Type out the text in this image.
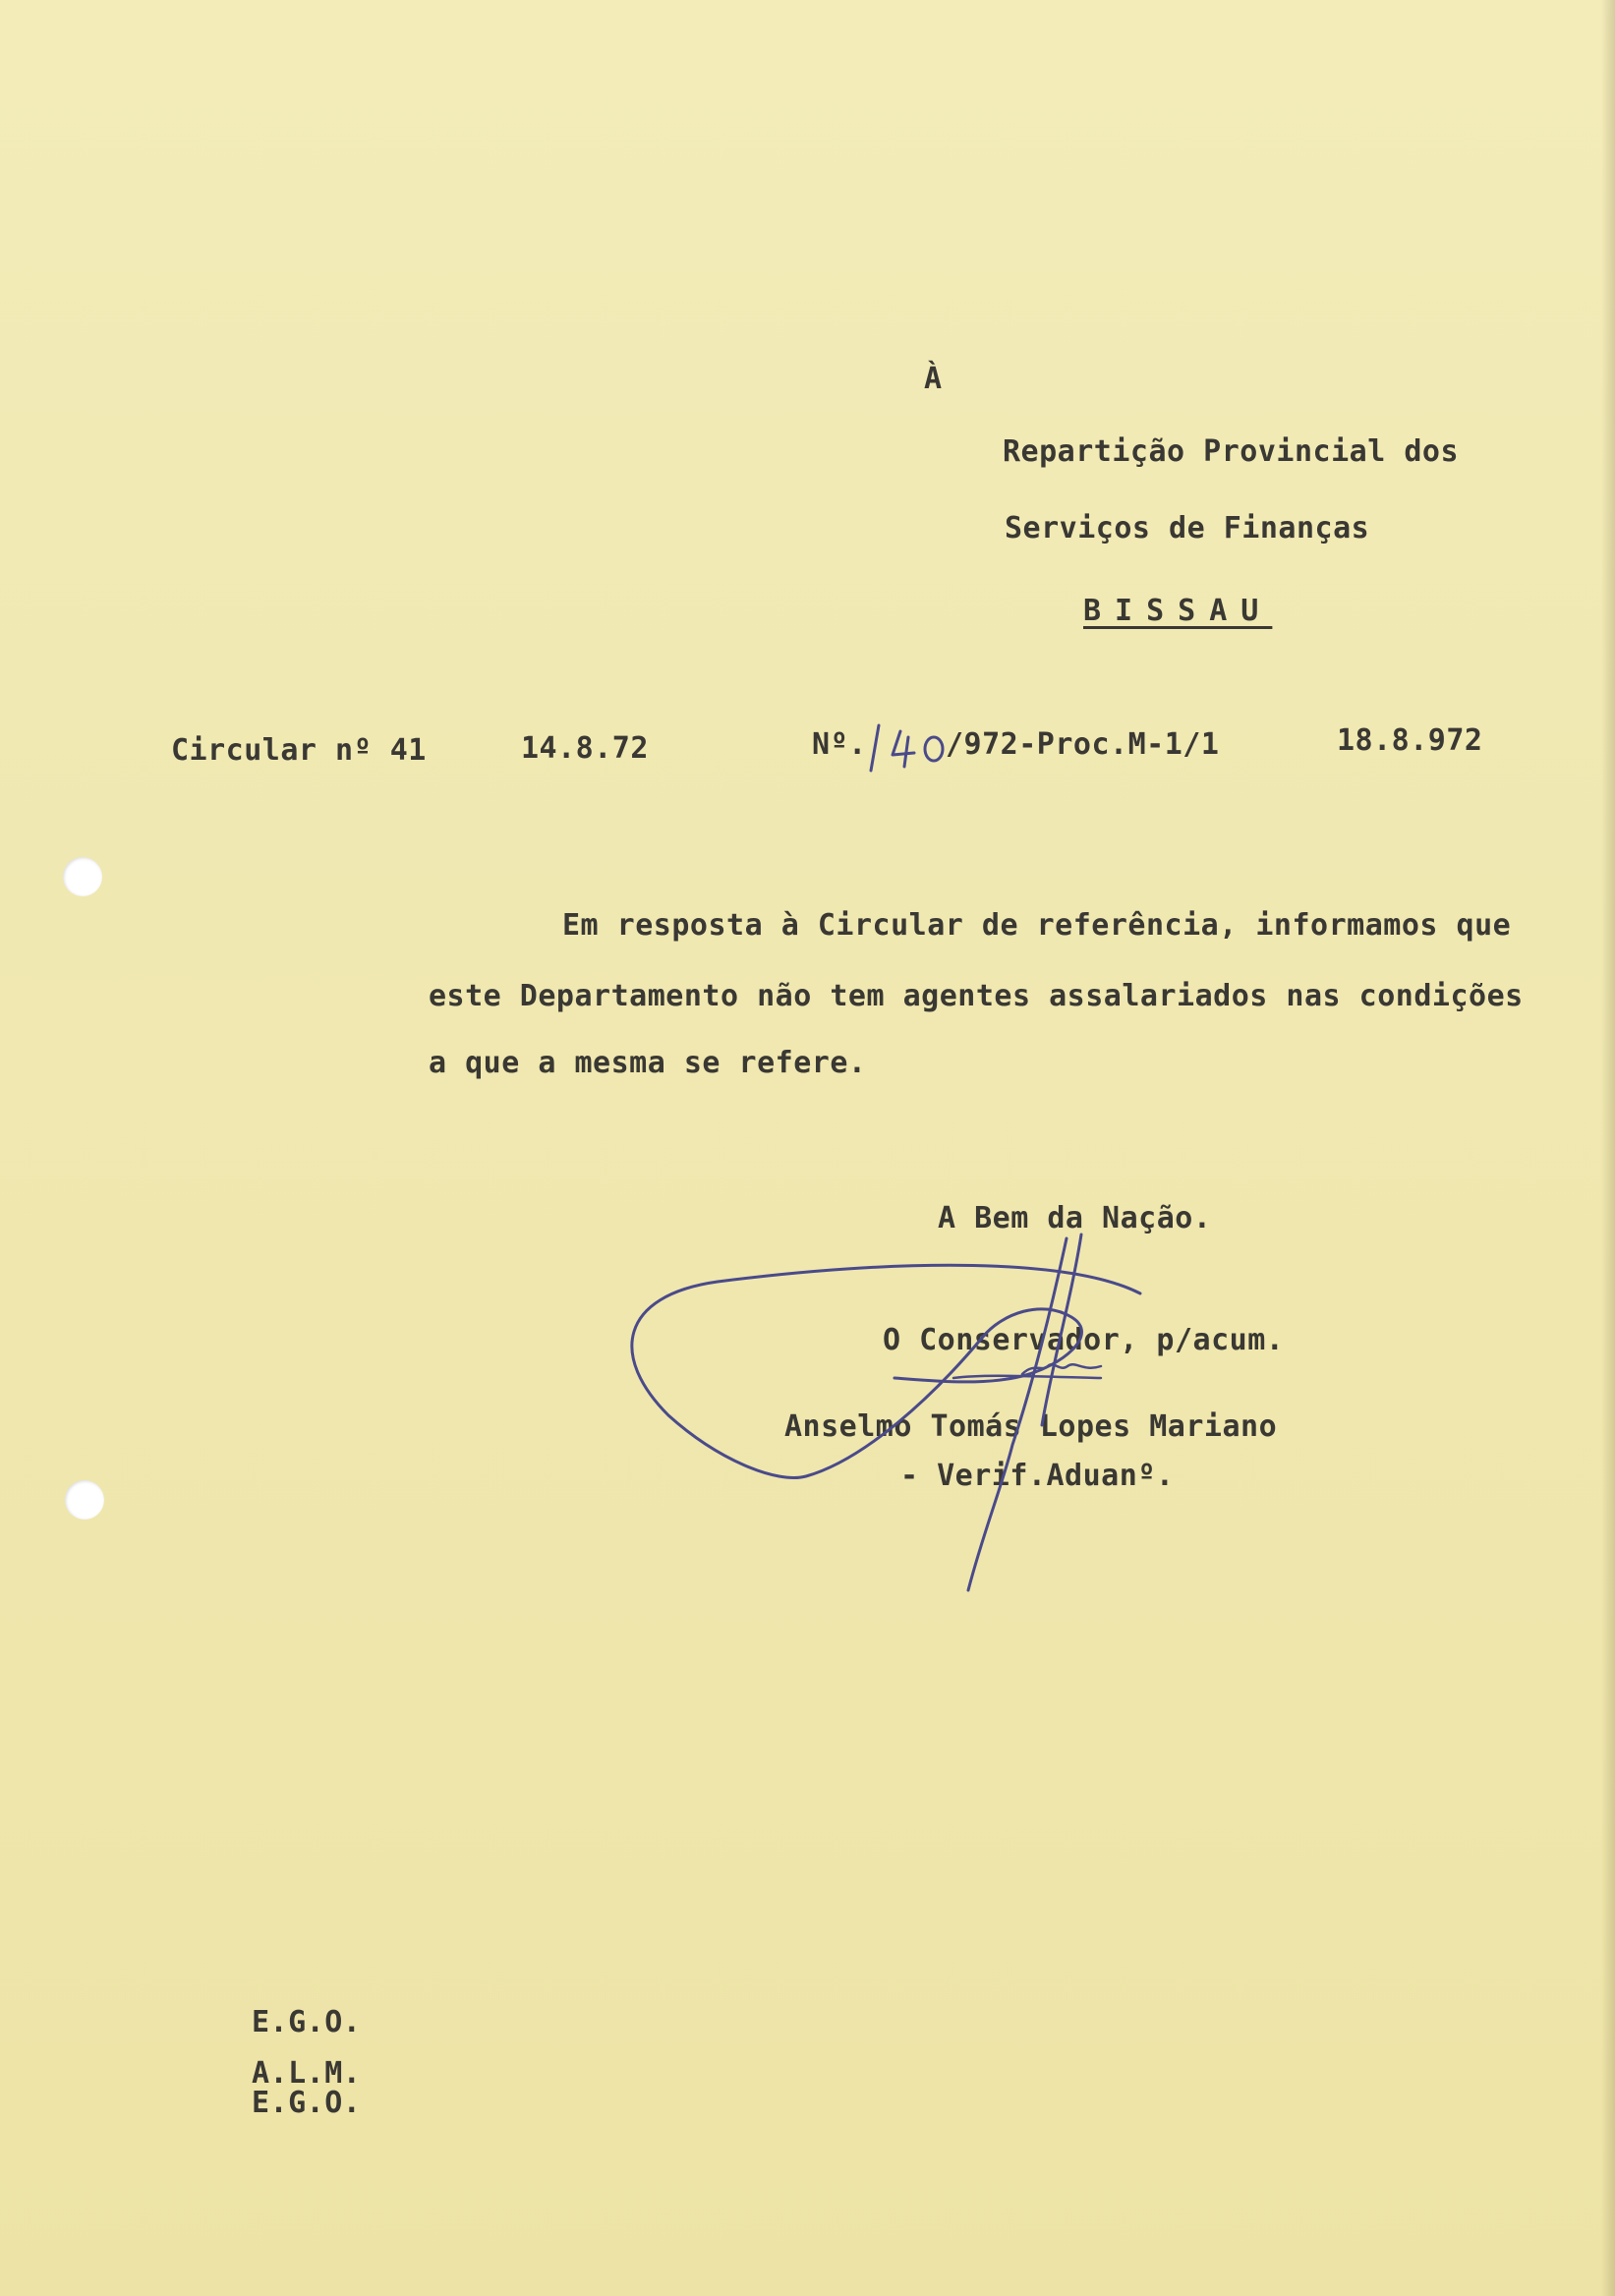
À
Repartição Provincial dos
Serviços de Finanças
BISSAU
Circular nº 41	14.8.72	Nº.	/972-Proc.M-1/1	18.8.972
Em resposta à Circular de referência, informamos que
este Departamento não tem agentes assalariados nas condições
a que a mesma se refere.
A Bem da Nação.
O Conservador, p/acum.
Anselmo Tomás Lopes Mariano
- Verif.Aduanº.
E.G.O.
A.L.M.
E.G.O.
